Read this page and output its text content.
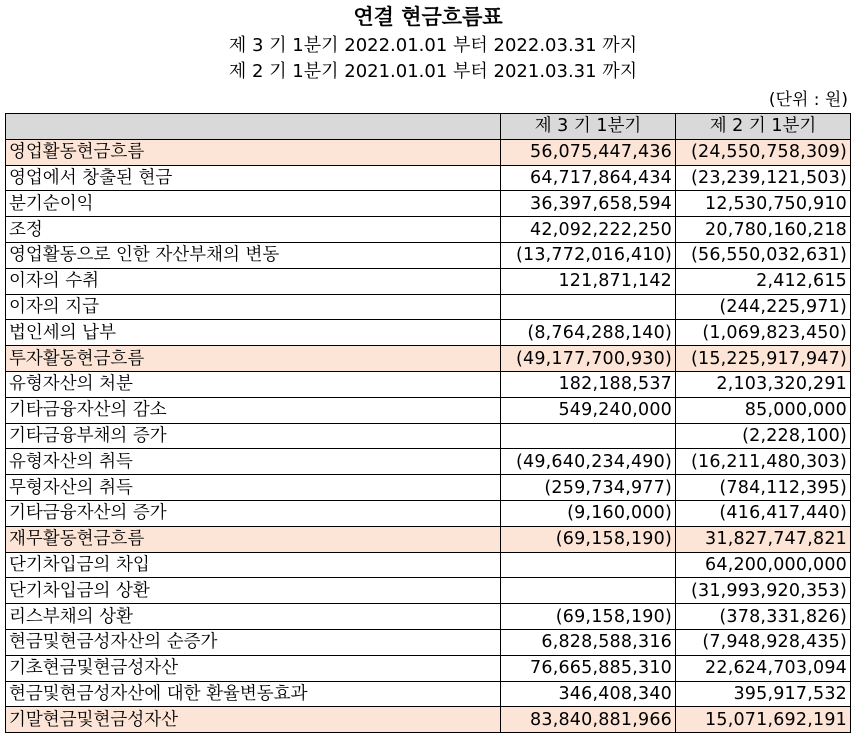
연결 현금흐름표
제 3 기 1분기 2022.01.01 부터 2022.03.31 까지
제 2 기 1분기 2021.01.01 부터 2021.03.31 까지
(단위 : 원)
	제 3 기 1분기	제 2 기 1분기
영업활동현금흐름	56,075,447,436	(24,550,758,309)
영업에서 창출된 현금	64,717,864,434	(23,239,121,503)
분기순이익	36,397,658,594	12,530,750,910
조정	42,092,222,250	20,780,160,218
영업활동으로 인한 자산부채의 변동	(13,772,016,410)	(56,550,032,631)
이자의 수취	121,871,142	2,412,615
이자의 지급		(244,225,971)
법인세의 납부	(8,764,288,140)	(1,069,823,450)
투자활동현금흐름	(49,177,700,930)	(15,225,917,947)
유형자산의 처분	182,188,537	2,103,320,291
기타금융자산의 감소	549,240,000	85,000,000
기타금융부채의 증가		(2,228,100)
유형자산의 취득	(49,640,234,490)	(16,211,480,303)
무형자산의 취득	(259,734,977)	(784,112,395)
기타금융자산의 증가	(9,160,000)	(416,417,440)
재무활동현금흐름	(69,158,190)	31,827,747,821
단기차입금의 차입		64,200,000,000
단기차입금의 상환		(31,993,920,353)
리스부채의 상환	(69,158,190)	(378,331,826)
현금및현금성자산의 순증가	6,828,588,316	(7,948,928,435)
기초현금및현금성자산	76,665,885,310	22,624,703,094
현금및현금성자산에 대한 환율변동효과	346,408,340	395,917,532
기말현금및현금성자산	83,840,881,966	15,071,692,191
